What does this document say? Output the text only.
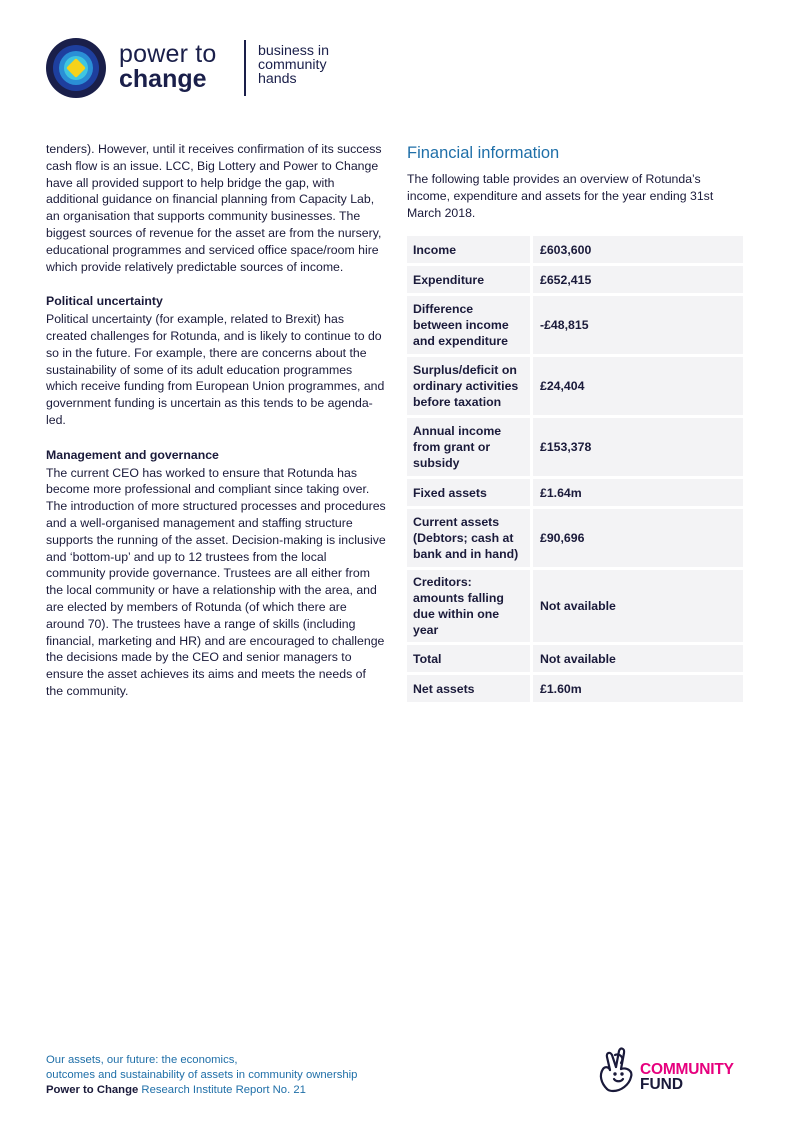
power to
change
business in
community
hands

tenders). However, until it receives confirmation of its success cash flow is an issue. LCC, Big Lottery and Power to Change have all provided support to help bridge the gap, with additional guidance on financial planning from Capacity Lab, an organisation that supports community businesses. The biggest sources of revenue for the asset are from the nursery, educational programmes and serviced office space/room hire which provide relatively predictable sources of income.

Political uncertainty

Political uncertainty (for example, related to Brexit) has created challenges for Rotunda, and is likely to continue to do so in the future. For example, there are concerns about the sustainability of some of its adult education programmes which receive funding from European Union programmes, and government funding is uncertain as this tends to be agenda-led.

Management and governance

The current CEO has worked to ensure that Rotunda has become more professional and compliant since taking over. The introduction of more structured processes and procedures and a well-organised management and staffing structure supports the running of the asset. Decision-making is inclusive and ‘bottom-up’ and up to 12 trustees from the local community provide governance. Trustees are all either from the local community or have a relationship with the area, and are elected by members of Rotunda (of which there are around 70). The trustees have a range of skills (including financial, marketing and HR) and are encouraged to challenge the decisions made by the CEO and senior managers to ensure the asset achieves its aims and meets the needs of the community.

Financial information

The following table provides an overview of Rotunda’s income, expenditure and assets for the year ending 31st March 2018.

Income	£603,600
Expenditure	£652,415
Difference between income and expenditure	-£48,815
Surplus/deficit on ordinary activities before taxation	£24,404
Annual income from grant or subsidy	£153,378
Fixed assets	£1.64m
Current assets (Debtors; cash at bank and in hand)	£90,696
Creditors: amounts falling due within one year	Not available
Total	Not available
Net assets	£1.60m
Our assets, our future: the economics,
outcomes and sustainability of assets in community ownership
Power to Change Research Institute Report No. 21
COMMUNITY
FUND
